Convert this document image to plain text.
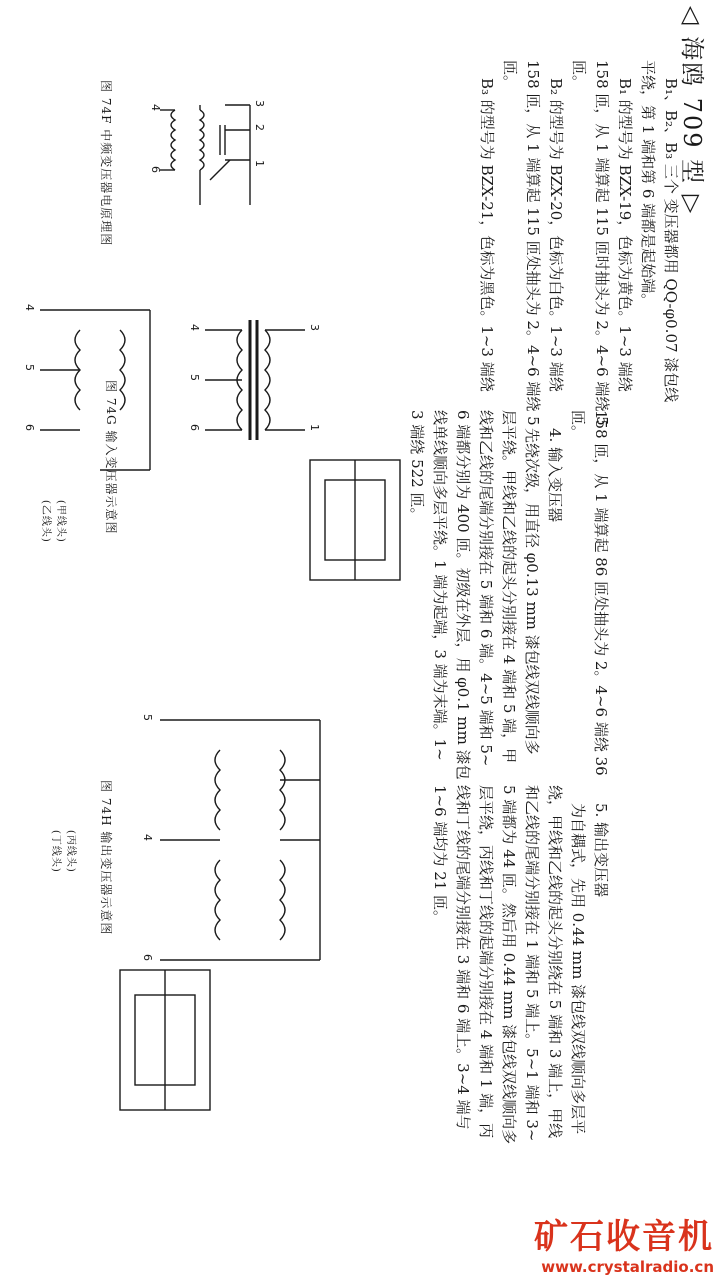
◁ 海鸥 709 型 ▷

B₁、B₂、B₃ 三个 变压器都用 QQ-φ0.07 漆包线

平绕，第 1 端和第 6 端都是起始端。

B₁ 的型号为 BZX-19，色标为黄色。1~3 端绕

158 匝，从 1 端算起 115 匝时抽头为 2。4~6 端绕 5

匝。

B₂ 的型号为 BZX-20，色标为白色。1~3 端绕

158 匝，从 1 端算起 115 匝处抽头为 2。4~6 端绕 5

匝。

B₃ 的型号为 BZX-21，色标为黑色。1~3 端绕

158 匝，从 1 端算起 86 匝处抽头为 2。4~6 端绕 36

匝。

4. 输入变压器

先绕次级，用直径 φ0.13 mm 漆包线双线顺向多

层平绕。甲线和乙线的起头分别接在 4 端和 5 端，甲

线和乙线的尾端分别接在 5 端和 6 端。4~5 端和 5~

6 端都分别为 400 匝。初级在外层，用 φ0.1 mm 漆包

线单线顺向多层平绕。1 端为起端，3 端为末端。1~

3 端绕 522 匝。

5. 输出变压器

为自耦式，先用 0.44 mm 漆包线双线顺向多层平

绕，甲线和乙线的起头分别绕在 5 端和 3 端上，甲线

和乙线的尾端分别接在 1 端和 5 端上。5~1 端和 3~

5 端都为 44 匝。然后用 0.44 mm 漆包线双线顺向多

层平绕，丙线和丁线的起端分别接在 4 端和 1 端，丙

线和丁线的尾端分别接在 3 端和 6 端上。3~4 端与

1~6 端均为 21 匝。

3
2
1
4
6
图 74F 中频变压器电原理图
3
1
4
5
6
4
5
6	图 74G 输入变压器示意图
(甲线头)
(乙线头)
5
4
6
图 74H 输出变压器示意图
(丙线头)
(丁线头)
矿石收音机
www.crystalradio.cn
